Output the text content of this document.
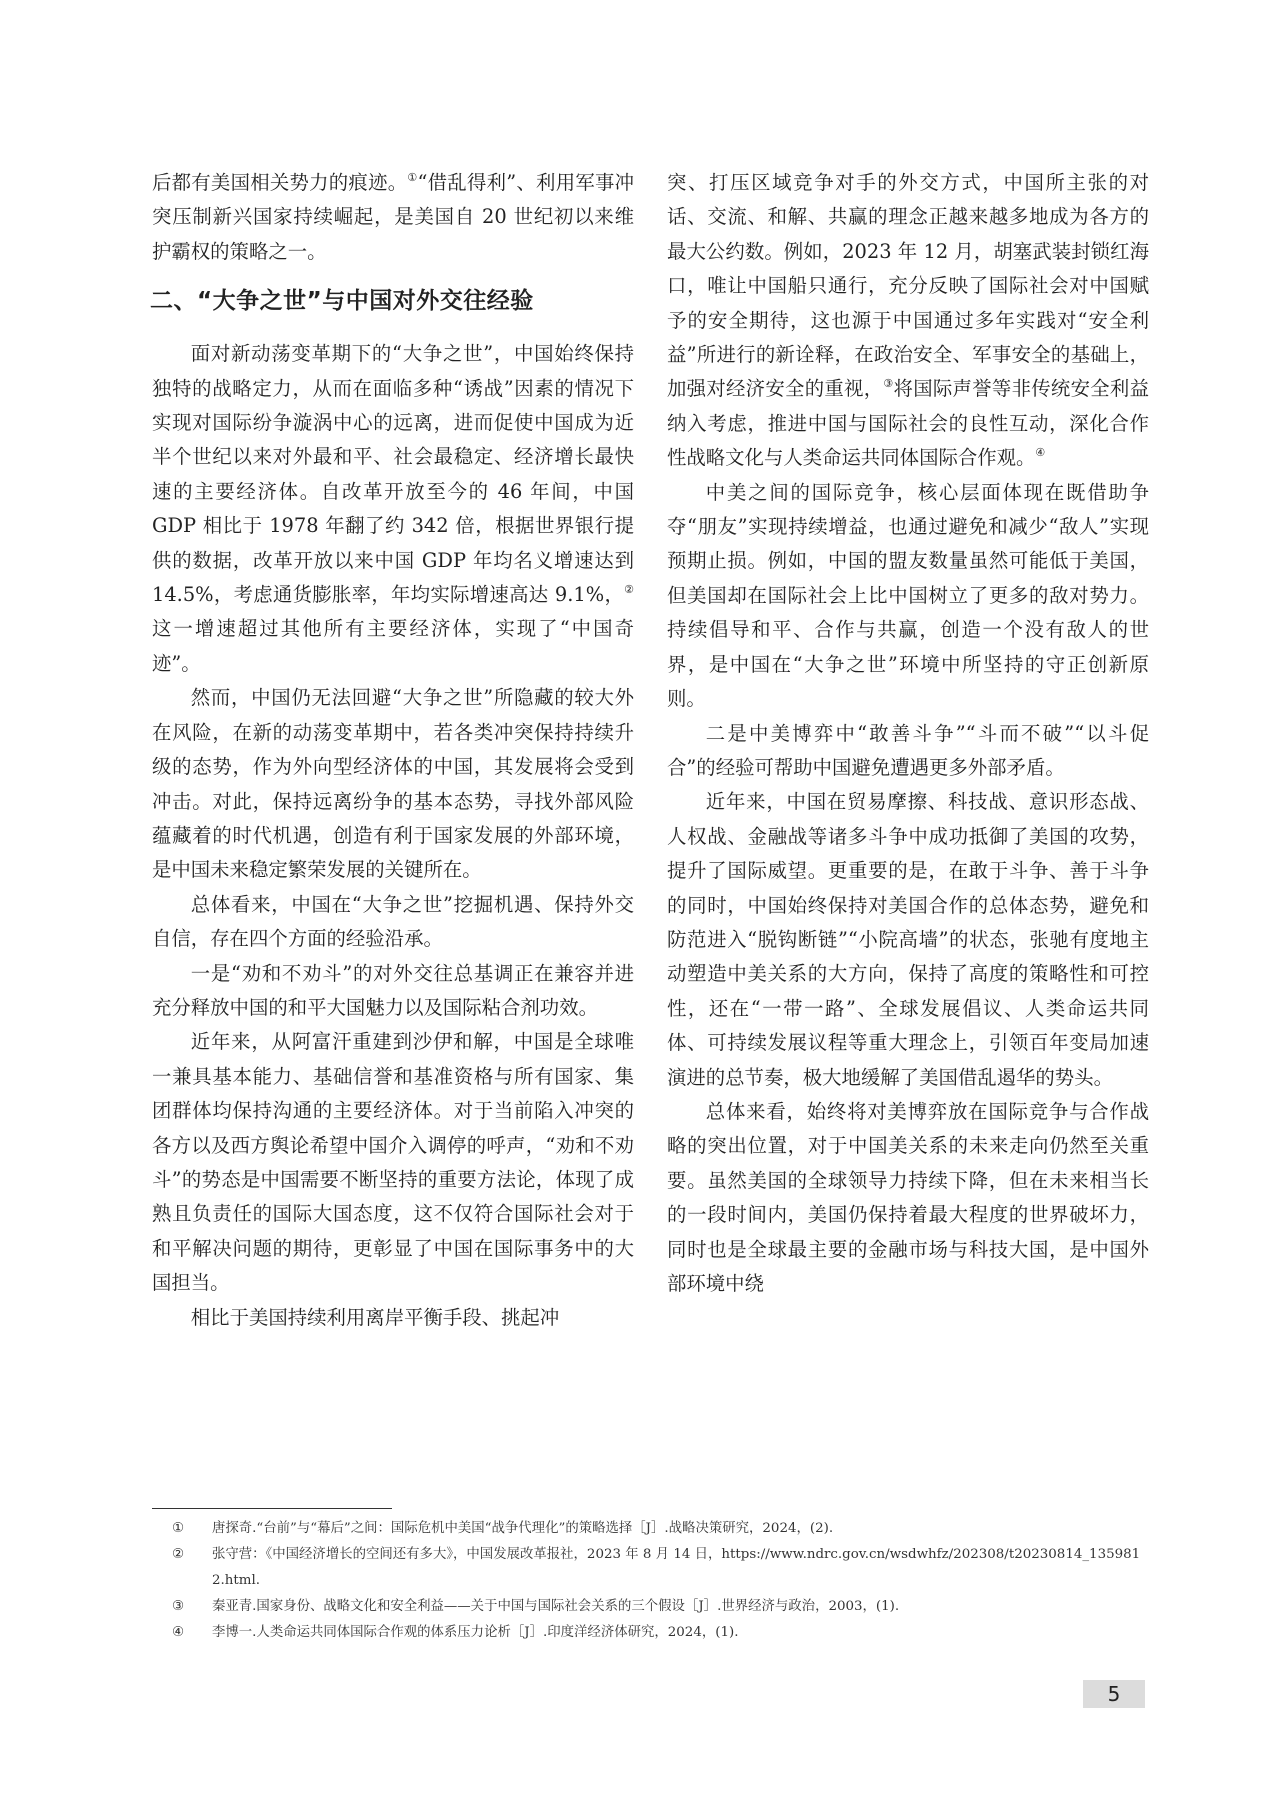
后都有美国相关势力的痕迹。①“借乱得利”、利用军事冲突压制新兴国家持续崛起，是美国自 20 世纪初以来维护霸权的策略之一。

二、“大争之世”与中国对外交往经验

面对新动荡变革期下的“大争之世”，中国始终保持独特的战略定力，从而在面临多种“诱战”因素的情况下实现对国际纷争漩涡中心的远离，进而促使中国成为近半个世纪以来对外最和平、社会最稳定、经济增长最快速的主要经济体。自改革开放至今的 46 年间，中国 GDP 相比于 1978 年翻了约 342 倍，根据世界银行提供的数据，改革开放以来中国 GDP 年均名义增速达到 14.5%，考虑通货膨胀率，年均实际增速高达 9.1%，②这一增速超过其他所有主要经济体，实现了“中国奇迹”。

然而，中国仍无法回避“大争之世”所隐藏的较大外在风险，在新的动荡变革期中，若各类冲突保持持续升级的态势，作为外向型经济体的中国，其发展将会受到冲击。对此，保持远离纷争的基本态势，寻找外部风险蕴藏着的时代机遇，创造有利于国家发展的外部环境，是中国未来稳定繁荣发展的关键所在。

总体看来，中国在“大争之世”挖掘机遇、保持外交自信，存在四个方面的经验沿承。

一是“劝和不劝斗”的对外交往总基调正在兼容并进充分释放中国的和平大国魅力以及国际粘合剂功效。

近年来，从阿富汗重建到沙伊和解，中国是全球唯一兼具基本能力、基础信誉和基准资格与所有国家、集团群体均保持沟通的主要经济体。对于当前陷入冲突的各方以及西方舆论希望中国介入调停的呼声，“劝和不劝斗”的势态是中国需要不断坚持的重要方法论，体现了成熟且负责任的国际大国态度，这不仅符合国际社会对于和平解决问题的期待，更彰显了中国在国际事务中的大国担当。

相比于美国持续利用离岸平衡手段、挑起冲

突、打压区域竞争对手的外交方式，中国所主张的对话、交流、和解、共赢的理念正越来越多地成为各方的最大公约数。例如，2023 年 12 月，胡塞武装封锁红海口，唯让中国船只通行，充分反映了国际社会对中国赋予的安全期待，这也源于中国通过多年实践对“安全利益”所进行的新诠释，在政治安全、军事安全的基础上，加强对经济安全的重视，③将国际声誉等非传统安全利益纳入考虑，推进中国与国际社会的良性互动，深化合作性战略文化与人类命运共同体国际合作观。④

中美之间的国际竞争，核心层面体现在既借助争夺“朋友”实现持续增益，也通过避免和减少“敌人”实现预期止损。例如，中国的盟友数量虽然可能低于美国，但美国却在国际社会上比中国树立了更多的敌对势力。持续倡导和平、合作与共赢，创造一个没有敌人的世界，是中国在“大争之世”环境中所坚持的守正创新原则。

二是中美博弈中“敢善斗争”“斗而不破”“以斗促合”的经验可帮助中国避免遭遇更多外部矛盾。

近年来，中国在贸易摩擦、科技战、意识形态战、人权战、金融战等诸多斗争中成功抵御了美国的攻势，提升了国际威望。更重要的是，在敢于斗争、善于斗争的同时，中国始终保持对美国合作的总体态势，避免和防范进入“脱钩断链”“小院高墙”的状态，张驰有度地主动塑造中美关系的大方向，保持了高度的策略性和可控性，还在“一带一路”、全球发展倡议、人类命运共同体、可持续发展议程等重大理念上，引领百年变局加速演进的总节奏，极大地缓解了美国借乱遏华的势头。

总体来看，始终将对美博弈放在国际竞争与合作战略的突出位置，对于中国美关系的未来走向仍然至关重要。虽然美国的全球领导力持续下降，但在未来相当长的一段时间内，美国仍保持着最大程度的世界破坏力，同时也是全球最主要的金融市场与科技大国，是中国外部环境中绕

①	唐探奇.“台前”与“幕后”之间：国际危机中美国“战争代理化”的策略选择［J］.战略决策研究，2024，(2).
②	张守营：《中国经济增长的空间还有多大》，中国发展改革报社，2023 年 8 月 14 日，https://www.ndrc.gov.cn/wsdwhfz/202308/t20230814_1359812.html.
③	秦亚青.国家身份、战略文化和安全利益——关于中国与国际社会关系的三个假设［J］.世界经济与政治，2003，(1).
④	李博一.人类命运共同体国际合作观的体系压力论析［J］.印度洋经济体研究，2024，(1).
5
